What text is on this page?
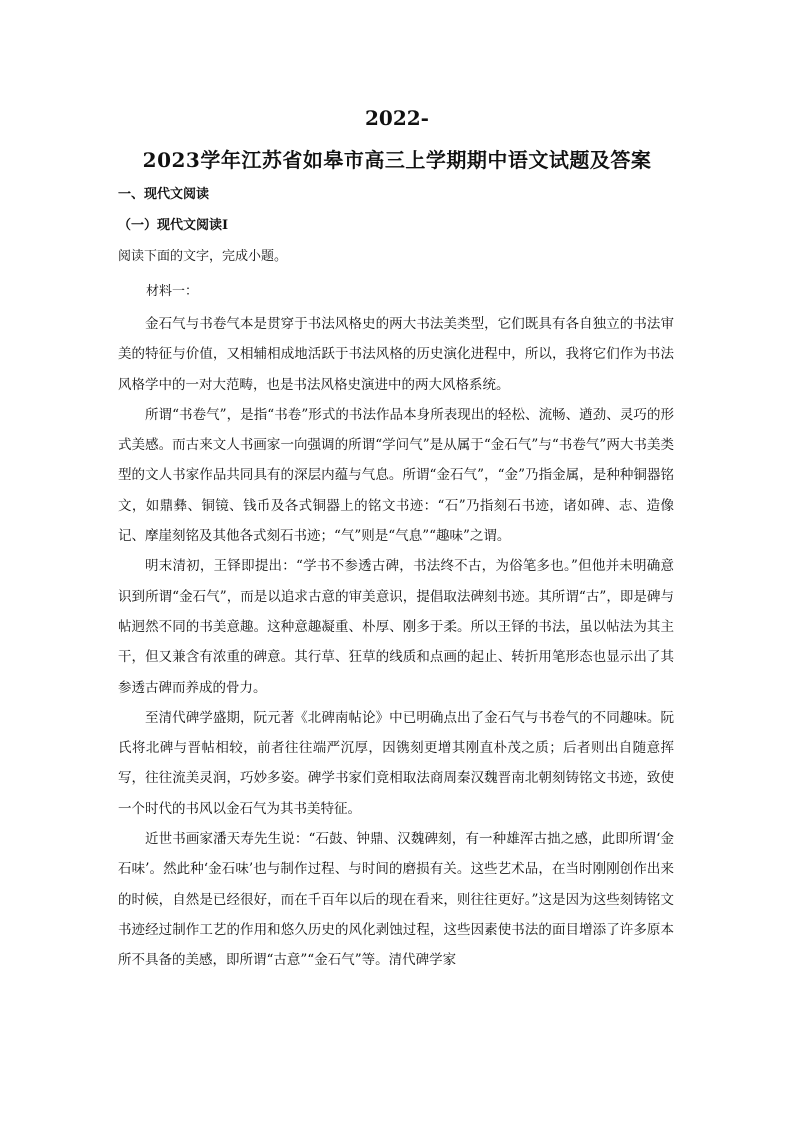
2022-
2023学年江苏省如皋市高三上学期期中语文试题及答案
一、现代文阅读
（一）现代文阅读Ⅰ
阅读下面的文字，完成小题。
材料一：

金石气与书卷气本是贯穿于书法风格史的两大书法美类型，它们既具有各自独立的书法审美的特征与价值，又相辅相成地活跃于书法风格的历史演化进程中，所以，我将它们作为书法风格学中的一对大范畴，也是书法风格史演进中的两大风格系统。

所谓“书卷气”，是指“书卷”形式的书法作品本身所表现出的轻松、流畅、遒劲、灵巧的形式美感。而古来文人书画家一向强调的所谓“学问气”是从属于“金石气”与“书卷气”两大书美类型的文人书家作品共同具有的深层内蕴与气息。所谓“金石气”，“金”乃指金属，是种种铜器铭文，如鼎彝、铜镜、钱币及各式铜器上的铭文书迹：“石”乃指刻石书迹，诸如碑、志、造像记、摩崖刻铭及其他各式刻石书迹；“气”则是“气息”“趣味”之谓。

明末清初，王铎即提出：“学书不参透古碑，书法终不古，为俗笔多也。”但他并未明确意识到所谓“金石气”，而是以追求古意的审美意识，提倡取法碑刻书迹。其所谓“古”，即是碑与帖迥然不同的书美意趣。这种意趣凝重、朴厚、刚多于柔。所以王铎的书法，虽以帖法为其主干，但又兼含有浓重的碑意。其行草、狂草的线质和点画的起止、转折用笔形态也显示出了其参透古碑而养成的骨力。

至清代碑学盛期，阮元著《北碑南帖论》中已明确点出了金石气与书卷气的不同趣味。阮氏将北碑与晋帖相较，前者往往端严沉厚，因镌刻更增其刚直朴茂之质；后者则出自随意挥写，往往流美灵润，巧妙多姿。碑学书家们竟相取法商周秦汉魏晋南北朝刻铸铭文书迹，致使一个时代的书风以金石气为其书美特征。

近世书画家潘天寿先生说：“石鼓、钟鼎、汉魏碑刻，有一种雄浑古拙之感，此即所谓‘金石味’。然此种‘金石味’也与制作过程、与时间的磨损有关。这些艺术品，在当时刚刚创作出来的时候，自然是已经很好，而在千百年以后的现在看来，则往往更好。”这是因为这些刻铸铭文书迹经过制作工艺的作用和悠久历史的风化剥蚀过程，这些因素使书法的面目增添了许多原本所不具备的美感，即所谓“古意”“金石气”等。清代碑学家
